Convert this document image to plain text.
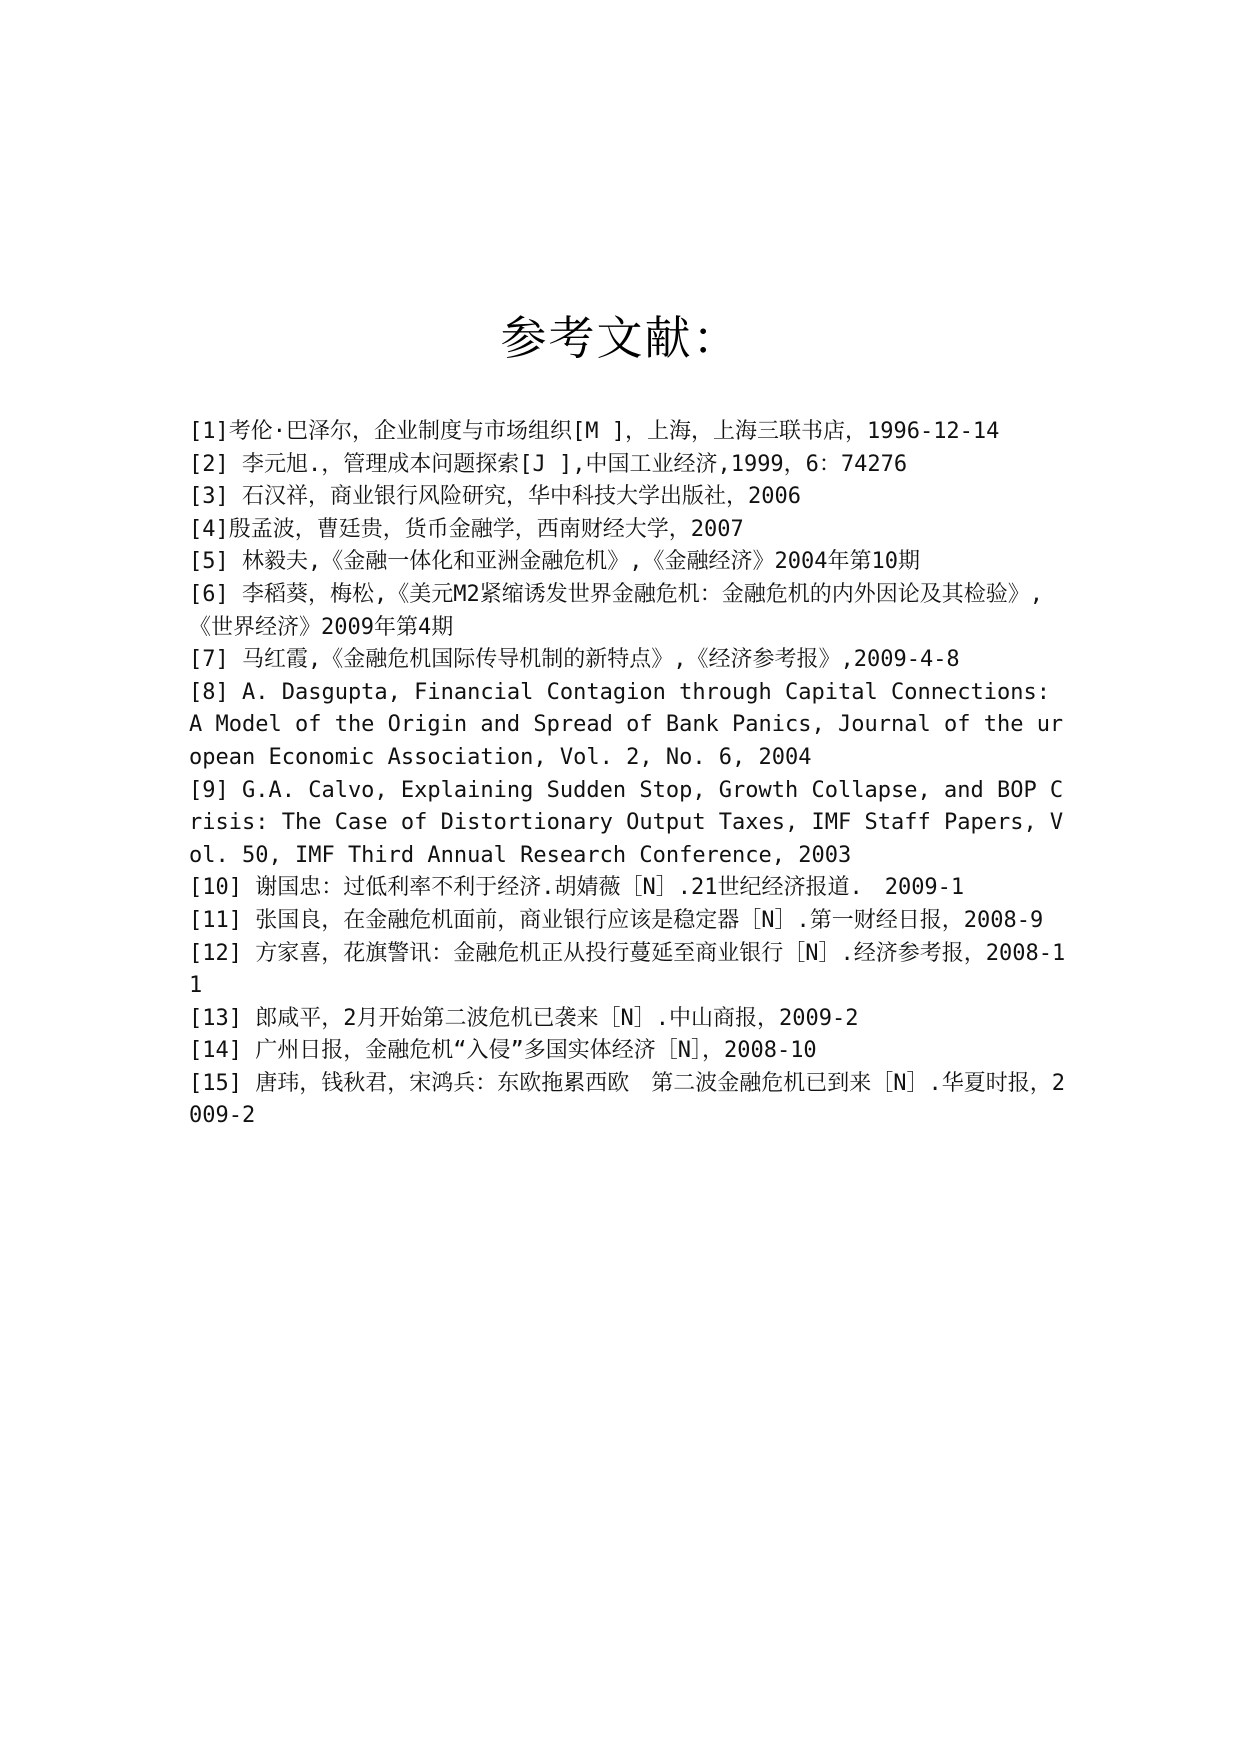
参考文献：
[1]考伦·巴泽尔，企业制度与市场组织[M ]，上海，上海三联书店，1996-12-14
[2] 李元旭.，管理成本问题探索[J ],中国工业经济,1999，6：74276
[3] 石汉祥，商业银行风险研究，华中科技大学出版社，2006
[4]殷孟波，曹廷贵，货币金融学，西南财经大学，2007
[5] 林毅夫,《金融一体化和亚洲金融危机》,《金融经济》2004年第10期
[6] 李稻葵，梅松,《美元M2紧缩诱发世界金融危机：金融危机的内外因论及其检验》,《世界经济》2009年第4期
[7] 马红霞,《金融危机国际传导机制的新特点》,《经济参考报》,2009-4-8
[8] A. Dasgupta, Financial Contagion through Capital Connections: A Model of the Origin and Spread of Bank Panics, Journal of the uropean Economic Association, Vol. 2, No. 6, 2004
[9] G.A. Calvo, Explaining Sudden Stop, Growth Collapse, and BOP Crisis: The Case of Distortionary Output Taxes, IMF Staff Papers, Vol. 50, IMF Third Annual Research Conference, 2003
[10] 谢国忠：过低利率不利于经济.胡婧薇［N］.21世纪经济报道.　2009-1
[11] 张国良，在金融危机面前，商业银行应该是稳定器［N］.第一财经日报，2008-9
[12] 方家喜，花旗警讯：金融危机正从投行蔓延至商业银行［N］.经济参考报，2008-11
[13] 郎咸平，2月开始第二波危机已袭来［N］.中山商报，2009-2
[14] 广州日报，金融危机“入侵”多国实体经济［N］，2008-10
[15] 唐玮，钱秋君，宋鸿兵：东欧拖累西欧　第二波金融危机已到来［N］.华夏时报，2009-2
